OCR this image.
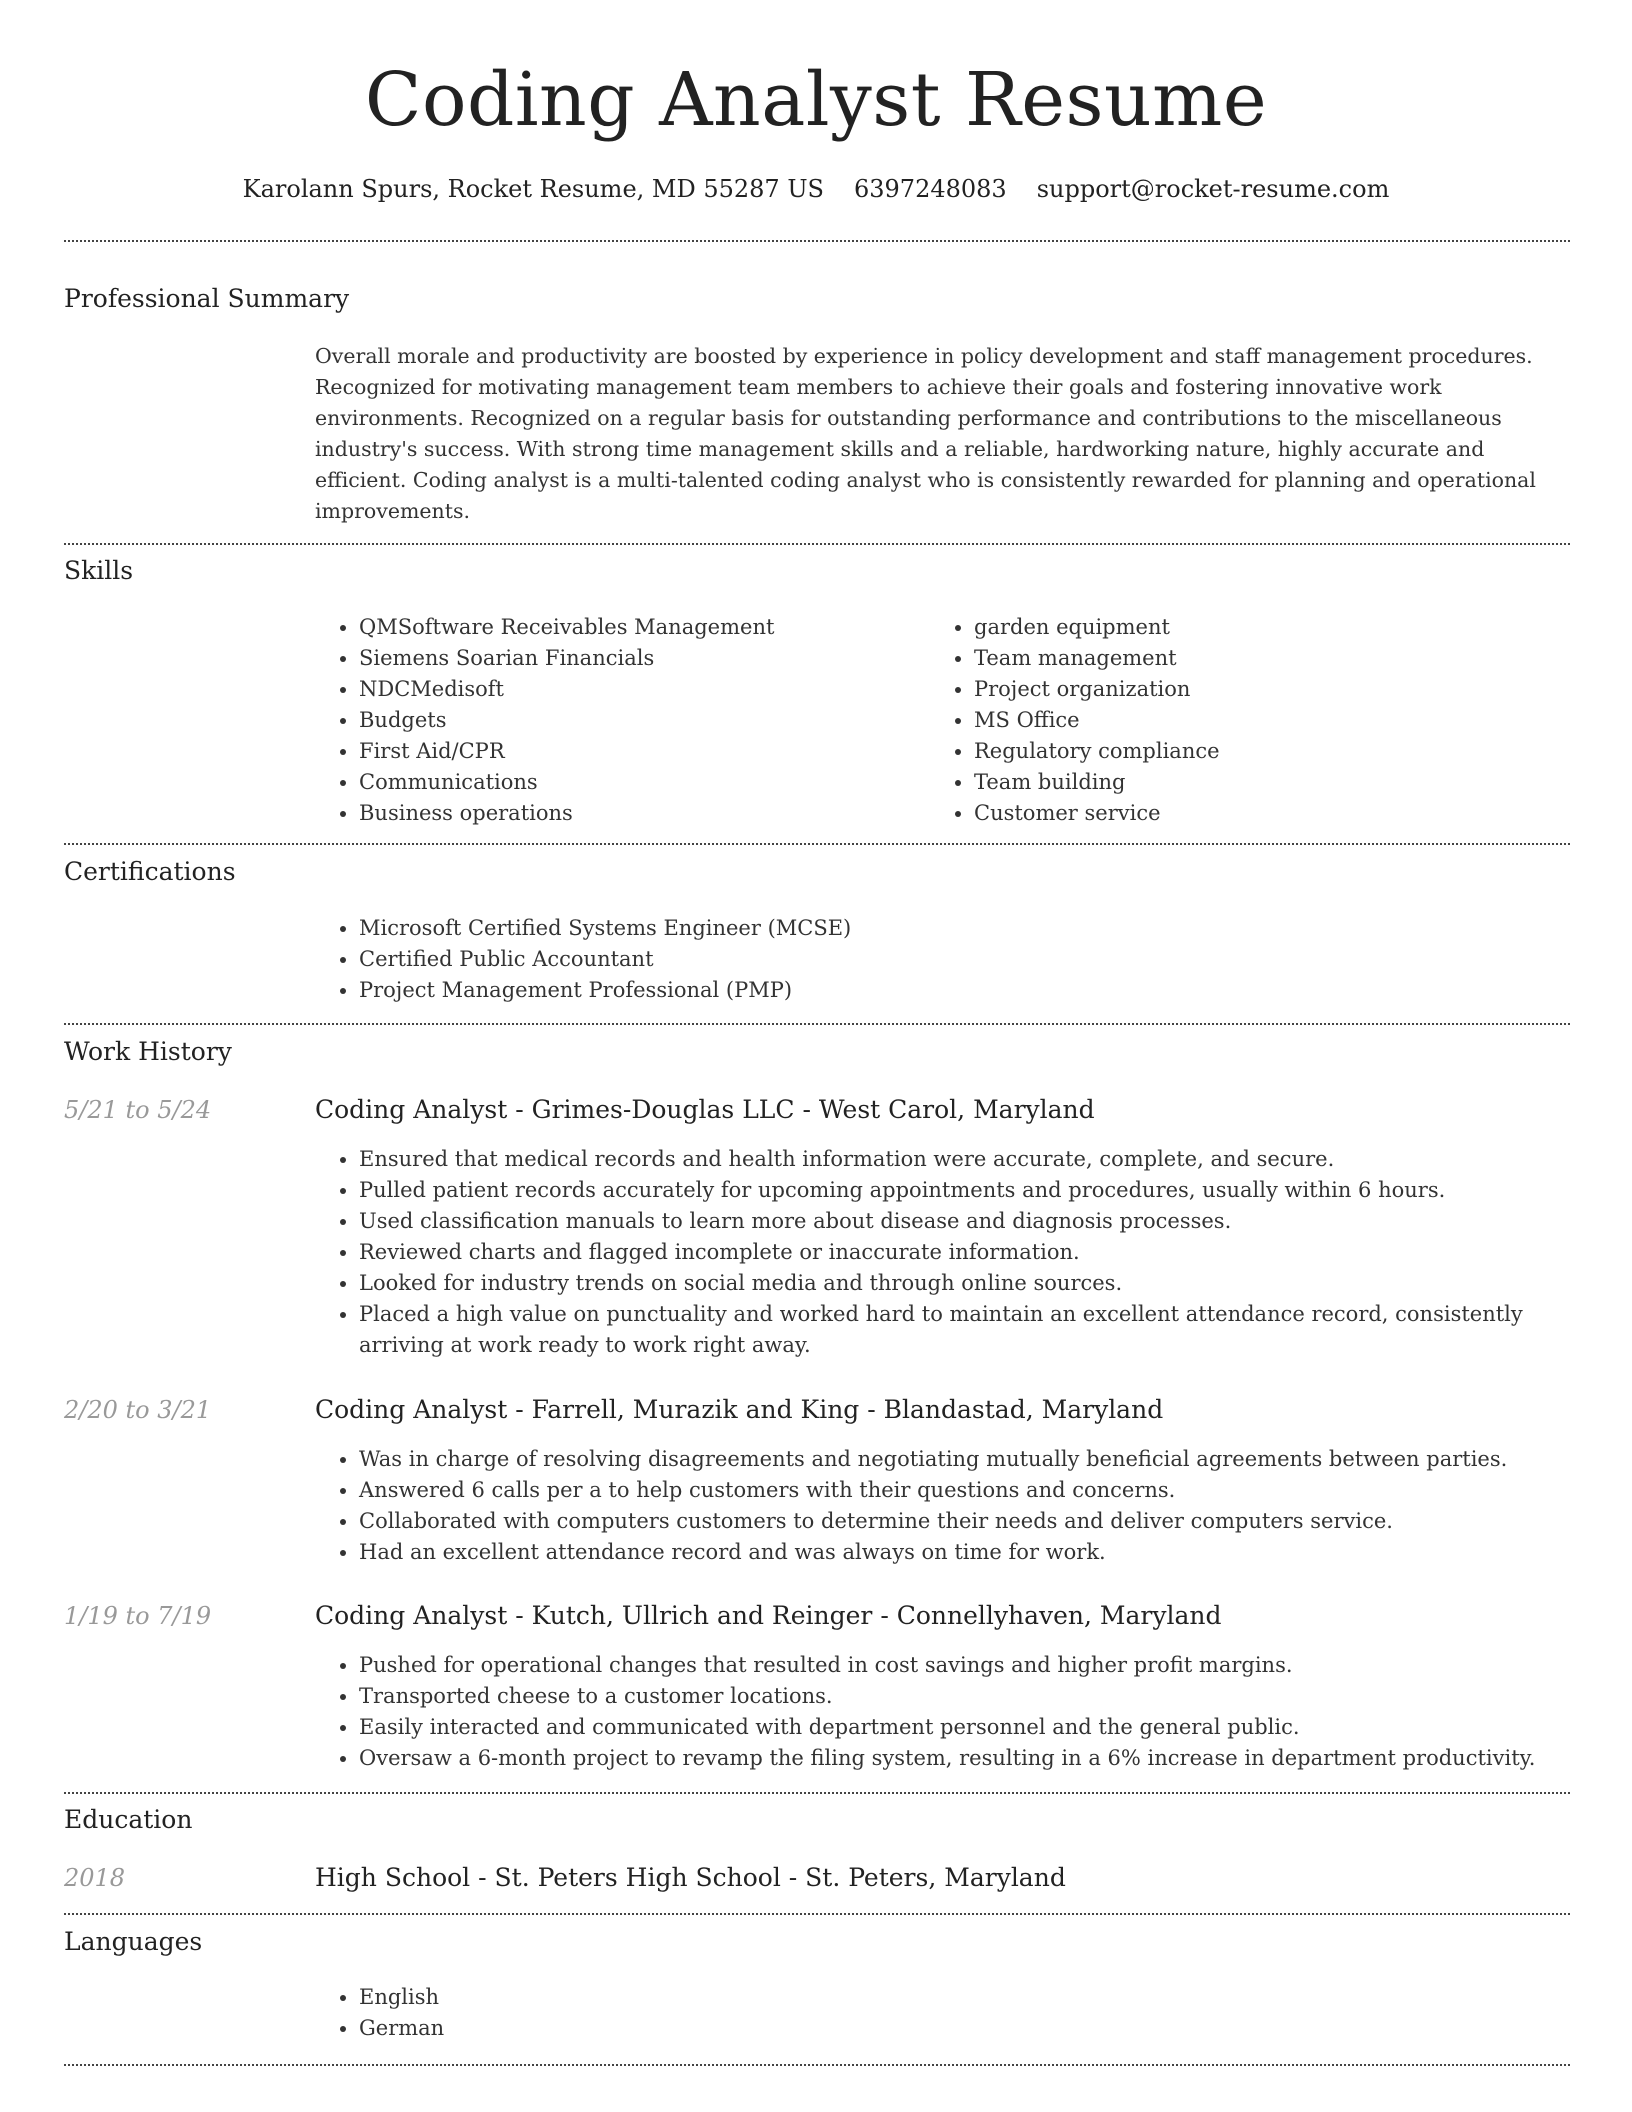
Coding Analyst Resume
Karolann Spurs, Rocket Resume, MD 55287 US 6397248083 support@rocket-resume.com
Professional Summary

Overall morale and productivity are boosted by experience in policy development and staff management procedures. Recognized for motivating management team members to achieve their goals and fostering innovative work environments. Recognized on a regular basis for outstanding performance and contributions to the miscellaneous industry's success. With strong time management skills and a reliable, hardworking nature, highly accurate and efficient. Coding analyst is a multi-talented coding analyst who is consistently rewarded for planning and operational improvements.

Skills
• QMSoftware Receivables Management
• Siemens Soarian Financials
• NDCMedisoft
• Budgets
• First Aid/CPR
• Communications
• Business operations
• garden equipment
• Team management
• Project organization
• MS Office
• Regulatory compliance
• Team building
• Customer service
Certifications
• Microsoft Certified Systems Engineer (MCSE)
• Certified Public Accountant
• Project Management Professional (PMP)
Work History
5/21 to 5/24	Coding Analyst - Grimes-Douglas LLC - West Carol, Maryland
• Ensured that medical records and health information were accurate, complete, and secure.
• Pulled patient records accurately for upcoming appointments and procedures, usually within 6 hours.
• Used classification manuals to learn more about disease and diagnosis processes.
• Reviewed charts and flagged incomplete or inaccurate information.
• Looked for industry trends on social media and through online sources.
• Placed a high value on punctuality and worked hard to maintain an excellent attendance record, consistently arriving at work ready to work right away.
2/20 to 3/21	Coding Analyst - Farrell, Murazik and King - Blandastad, Maryland
• Was in charge of resolving disagreements and negotiating mutually beneficial agreements between parties.
• Answered 6 calls per a to help customers with their questions and concerns.
• Collaborated with computers customers to determine their needs and deliver computers service.
• Had an excellent attendance record and was always on time for work.
1/19 to 7/19	Coding Analyst - Kutch, Ullrich and Reinger - Connellyhaven, Maryland
• Pushed for operational changes that resulted in cost savings and higher profit margins.
• Transported cheese to a customer locations.
• Easily interacted and communicated with department personnel and the general public.
• Oversaw a 6-month project to revamp the filing system, resulting in a 6% increase in department productivity.
Education
2018	High School - St. Peters High School - St. Peters, Maryland
Languages
• English
• German
